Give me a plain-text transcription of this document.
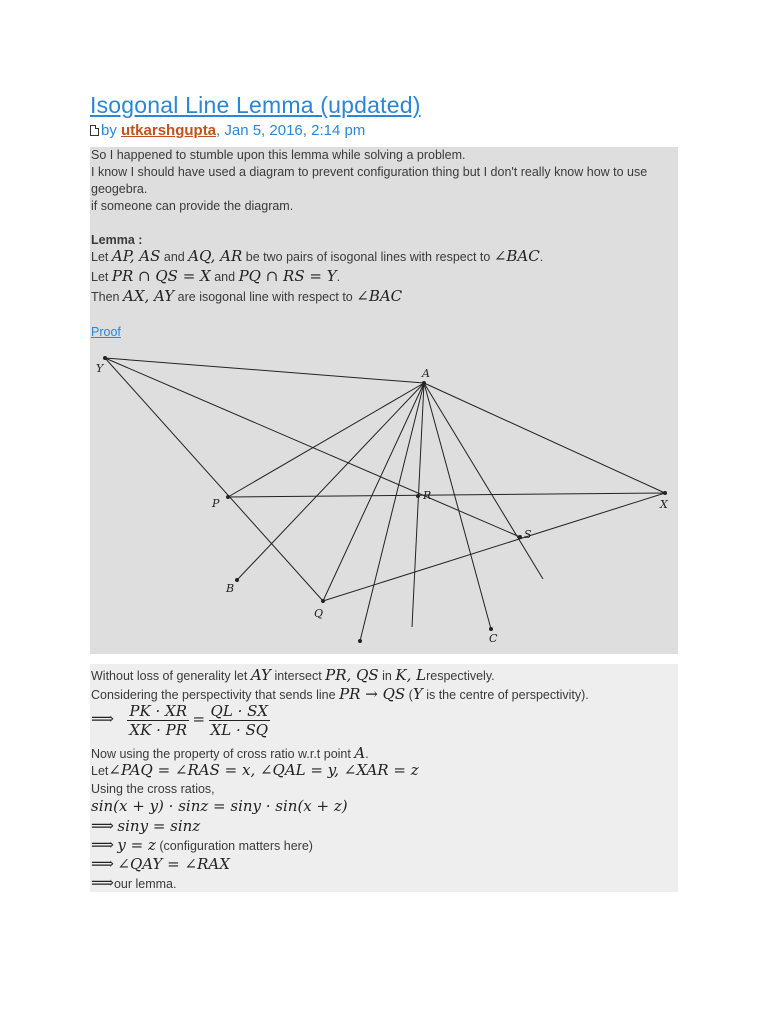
Isogonal Line Lemma (updated)
by utkarshgupta, Jan 5, 2016, 2:14 pm
So I happened to stumble upon this lemma while solving a problem.
I know I should have used a diagram to prevent configuration thing but I don't really know how to use
geogebra.
if someone can provide the diagram.
Lemma :
Let AP, AS and AQ, AR be two pairs of isogonal lines with respect to ∠BAC.
Let PR ∩ QS = X and PQ ∩ RS = Y.
Then AX, AY are isogonal line with respect to ∠BAC
Proof
Y	A
P
R
X
S
B
Q
C
Without loss of generality let AY intersect PR, QS in K, Lrespectively.
Considering the perspectivity that sends line PR → QS (Y is the centre of perspectivity).
⟹ $\frac{PK \cdot XR}{XK \cdot PR} = \frac{QL \cdot SX}{XL \cdot SQ}$
Now using the property of cross ratio w.r.t point A.
Let∠PAQ = ∠RAS = x, ∠QAL = y, ∠XAR = z
Using the cross ratios,
sin(x + y) · sinz = siny · sin(x + z)
⟹ siny = sinz
⟹ y = z (configuration matters here)
⟹ ∠QAY = ∠RAX
⟹our lemma.
